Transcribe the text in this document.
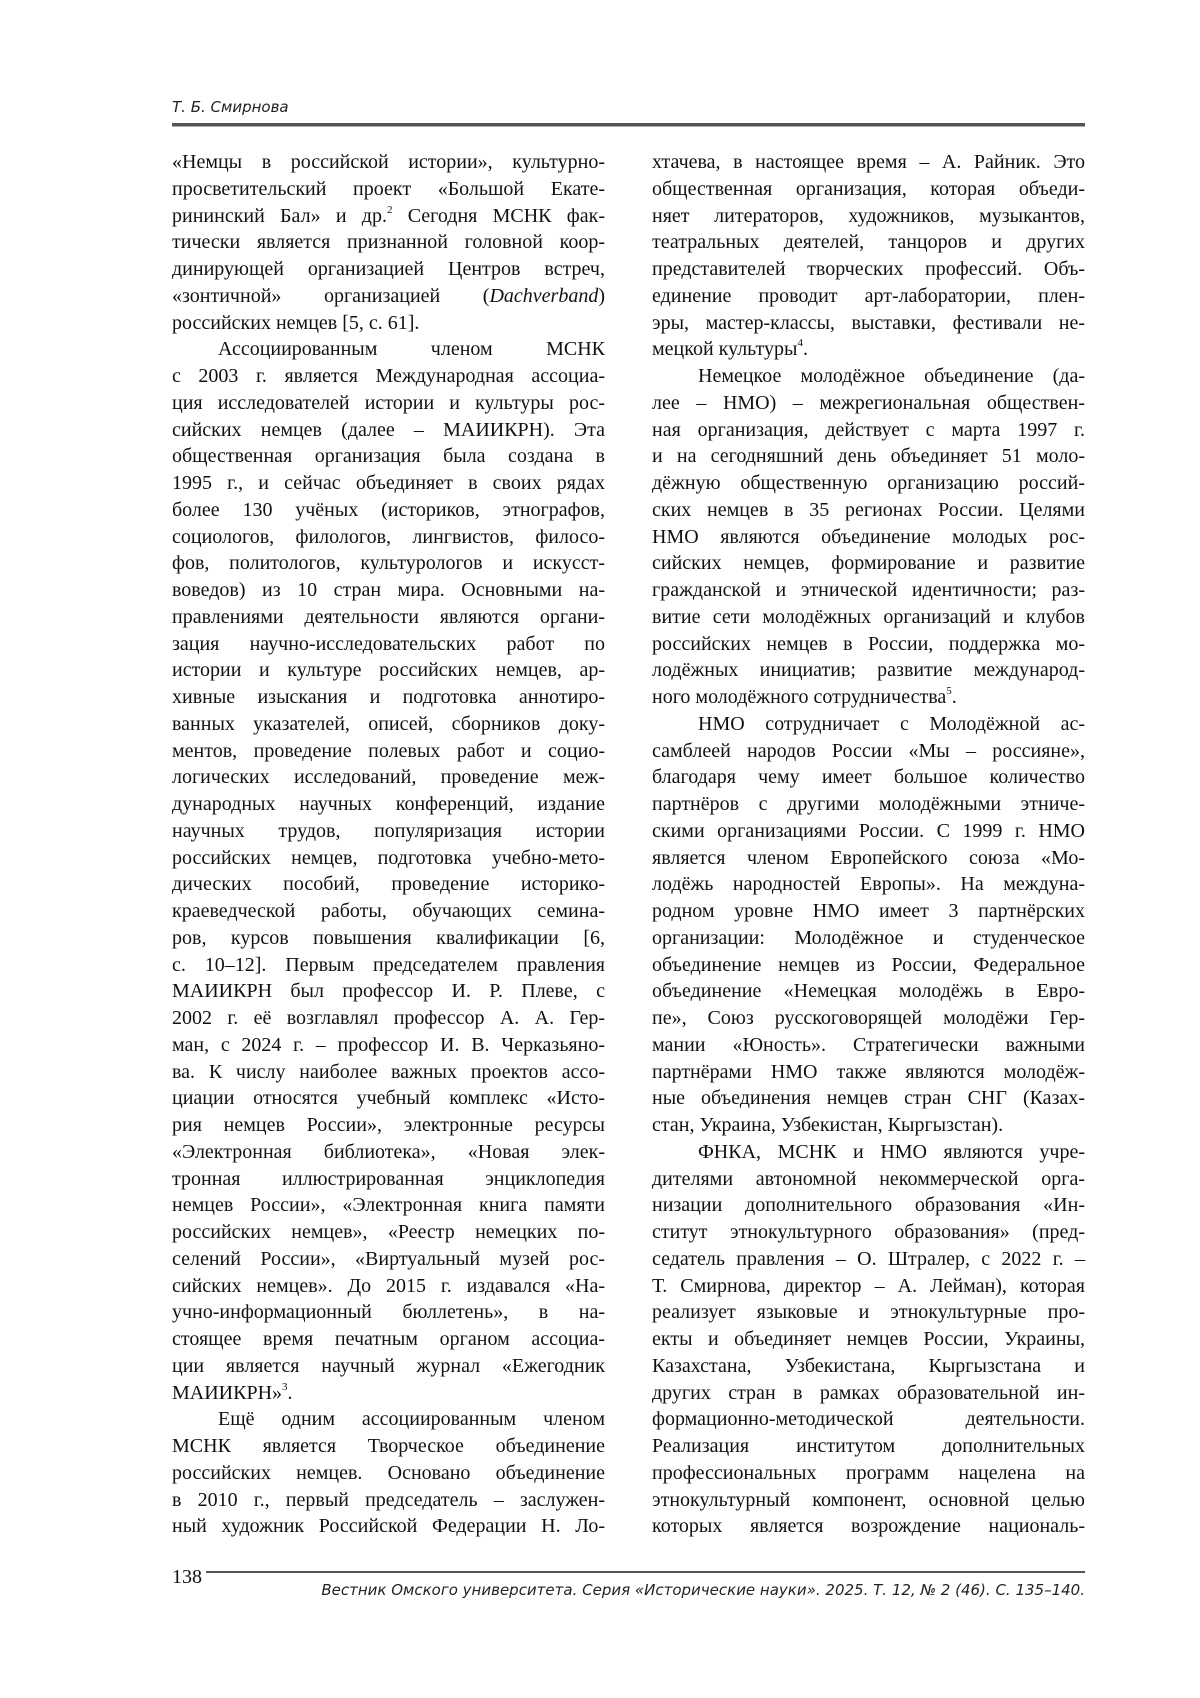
Т. Б. Смирнова
«Немцы в российской истории», культурно-
просветительский проект «Большой Екате-
рининский Бал» и др.$^2$ Сегодня МСНК фак-
тически является признанной головной коор-
динирующей организацией Центров встреч,
«зонтичной» организацией (Dachverband)
российских немцев [5, с. 61].
Ассоциированным членом МСНК
с 2003 г. является Международная ассоциа-
ция исследователей истории и культуры рос-
сийских немцев (далее – МАИИКРН). Эта
общественная организация была создана в
1995 г., и сейчас объединяет в своих рядах
более 130 учёных (историков, этнографов,
социологов, филологов, лингвистов, филосо-
фов, политологов, культурологов и искусст-
воведов) из 10 стран мира. Основными на-
правлениями деятельности являются органи-
зация научно-исследовательских работ по
истории и культуре российских немцев, ар-
хивные изыскания и подготовка аннотиро-
ванных указателей, описей, сборников доку-
ментов, проведение полевых работ и социо-
логических исследований, проведение меж-
дународных научных конференций, издание
научных трудов, популяризация истории
российских немцев, подготовка учебно-мето-
дических пособий, проведение историко-
краеведческой работы, обучающих семина-
ров, курсов повышения квалификации [6,
с. 10–12]. Первым председателем правления
МАИИКРН был профессор И. Р. Плеве, с
2002 г. её возглавлял профессор А. А. Гер-
ман, с 2024 г. – профессор И. В. Черказьяно-
ва. К числу наиболее важных проектов ассо-
циации относятся учебный комплекс «Исто-
рия немцев России», электронные ресурсы
«Электронная библиотека», «Новая элек-
тронная иллюстрированная энциклопедия
немцев России», «Электронная книга памяти
российских немцев», «Реестр немецких по-
селений России», «Виртуальный музей рос-
сийских немцев». До 2015 г. издавался «На-
учно-информационный бюллетень», в на-
стоящее время печатным органом ассоциа-
ции является научный журнал «Ежегодник
МАИИКРН»$^3$.
Ещё одним ассоциированным членом
МСНК является Творческое объединение
российских немцев. Основано объединение
в 2010 г., первый председатель – заслужен-
ный художник Российской Федерации Н. Ло-
хтачева, в настоящее время – А. Райник. Это
общественная организация, которая объеди-
няет литераторов, художников, музыкантов,
театральных деятелей, танцоров и других
представителей творческих профессий. Объ-
единение проводит арт-лаборатории, плен-
эры, мастер-классы, выставки, фестивали не-
мецкой культуры$^4$.
Немецкое молодёжное объединение (да-
лее – НМО) – межрегиональная обществен-
ная организация, действует с марта 1997 г.
и на сегодняшний день объединяет 51 моло-
дёжную общественную организацию россий-
ских немцев в 35 регионах России. Целями
НМО являются объединение молодых рос-
сийских немцев, формирование и развитие
гражданской и этнической идентичности; раз-
витие сети молодёжных организаций и клубов
российских немцев в России, поддержка мо-
лодёжных инициатив; развитие международ-
ного молодёжного сотрудничества$^5$.
НМО сотрудничает с Молодёжной ас-
самблеей народов России «Мы – россияне»,
благодаря чему имеет большое количество
партнёров с другими молодёжными этниче-
скими организациями России. С 1999 г. НМО
является членом Европейского союза «Мо-
лодёжь народностей Европы». На междуна-
родном уровне НМО имеет 3 партнёрских
организации: Молодёжное и студенческое
объединение немцев из России, Федеральное
объединение «Немецкая молодёжь в Евро-
пе», Союз русскоговорящей молодёжи Гер-
мании «Юность». Стратегически важными
партнёрами НМО также являются молодёж-
ные объединения немцев стран СНГ (Казах-
стан, Украина, Узбекистан, Кыргызстан).
ФНКА, МСНК и НМО являются учре-
дителями автономной некоммерческой орга-
низации дополнительного образования «Ин-
ститут этнокультурного образования» (пред-
седатель правления – О. Штралер, с 2022 г. –
Т. Смирнова, директор – А. Лейман), которая
реализует языковые и этнокультурные про-
екты и объединяет немцев России, Украины,
Казахстана, Узбекистана, Кыргызстана и
других стран в рамках образовательной ин-
формационно-методической деятельности.
Реализация институтом дополнительных
профессиональных программ нацелена на
этнокультурный компонент, основной целью
которых является возрождение националь-
138
Вестник Омского университета. Серия «Исторические науки». 2025. Т. 12, № 2 (46). С. 135–140.
